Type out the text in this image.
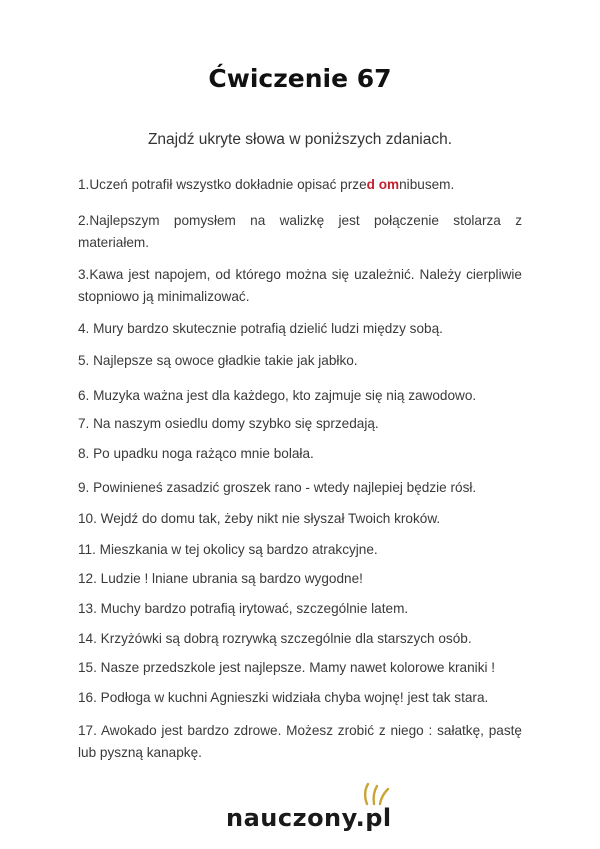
Ćwiczenie 67
Znajdź ukryte słowa w poniższych zdaniach.
1.Uczeń potrafił wszystko dokładnie opisać przed omnibusem.
2.Najlepszym pomysłem na walizkę jest połączenie stolarza z materiałem.
3.Kawa jest napojem, od którego można się uzależnić. Należy cierpliwie stopniowo ją minimalizować.
4. Mury bardzo skutecznie potrafią dzielić ludzi między sobą.
5. Najlepsze są owoce gładkie takie jak jabłko.
6. Muzyka ważna jest dla każdego, kto zajmuje się nią zawodowo.
7. Na naszym osiedlu domy szybko się sprzedają.
8. Po upadku noga rażąco mnie bolała.
9. Powinieneś zasadzić groszek rano - wtedy najlepiej będzie rósł.
10. Wejdź do domu tak, żeby nikt nie słyszał Twoich kroków.
11. Mieszkania w tej okolicy są bardzo atrakcyjne.
12. Ludzie ! lniane ubrania są bardzo wygodne!
13. Muchy bardzo potrafią irytować, szczególnie latem.
14. Krzyżówki są dobrą rozrywką szczególnie dla starszych osób.
15. Nasze przedszkole jest najlepsze. Mamy nawet kolorowe kraniki !
16. Podłoga w kuchni Agnieszki widziała chyba wojnę! jest tak stara.
17. Awokado jest bardzo zdrowe. Możesz zrobić z niego : sałatkę, pastę lub pyszną kanapkę.
nauczony.pl
